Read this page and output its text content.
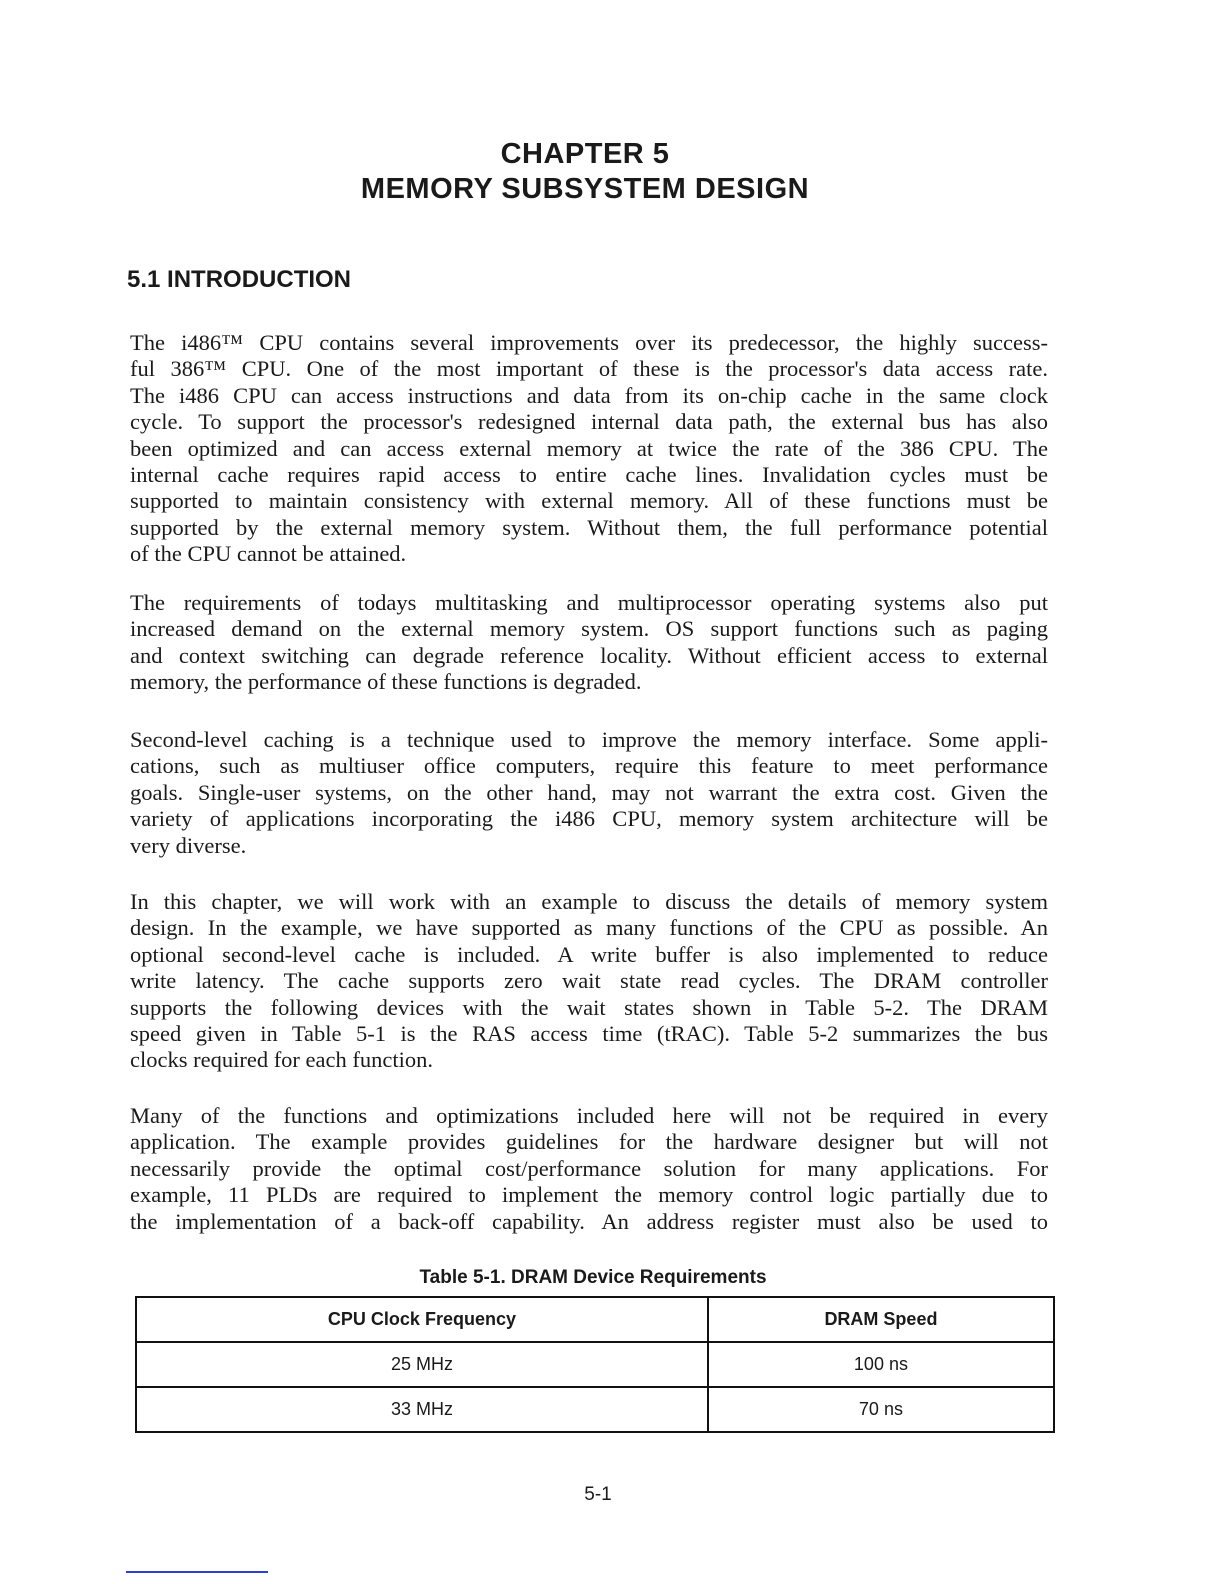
CHAPTER 5
MEMORY SUBSYSTEM DESIGN
5.1 INTRODUCTION
The i486™ CPU contains several improvements over its predecessor, the highly success-
ful 386™ CPU. One of the most important of these is the processor's data access rate.
The i486 CPU can access instructions and data from its on-chip cache in the same clock
cycle. To support the processor's redesigned internal data path, the external bus has also
been optimized and can access external memory at twice the rate of the 386 CPU. The
internal cache requires rapid access to entire cache lines. Invalidation cycles must be
supported to maintain consistency with external memory. All of these functions must be
supported by the external memory system. Without them, the full performance potential
of the CPU cannot be attained.
The requirements of todays multitasking and multiprocessor operating systems also put
increased demand on the external memory system. OS support functions such as paging
and context switching can degrade reference locality. Without efficient access to external
memory, the performance of these functions is degraded.
Second-level caching is a technique used to improve the memory interface. Some appli-
cations, such as multiuser office computers, require this feature to meet performance
goals. Single-user systems, on the other hand, may not warrant the extra cost. Given the
variety of applications incorporating the i486 CPU, memory system architecture will be
very diverse.
In this chapter, we will work with an example to discuss the details of memory system
design. In the example, we have supported as many functions of the CPU as possible. An
optional second-level cache is included. A write buffer is also implemented to reduce
write latency. The cache supports zero wait state read cycles. The DRAM controller
supports the following devices with the wait states shown in Table 5-2. The DRAM
speed given in Table 5-1 is the RAS access time (tRAC). Table 5-2 summarizes the bus
clocks required for each function.
Many of the functions and optimizations included here will not be required in every
application. The example provides guidelines for the hardware designer but will not
necessarily provide the optimal cost/performance solution for many applications. For
example, 11 PLDs are required to implement the memory control logic partially due to
the implementation of a back-off capability. An address register must also be used to
Table 5-1. DRAM Device Requirements
CPU Clock Frequency	DRAM Speed
25 MHz	100 ns
33 MHz	70 ns
5-1
